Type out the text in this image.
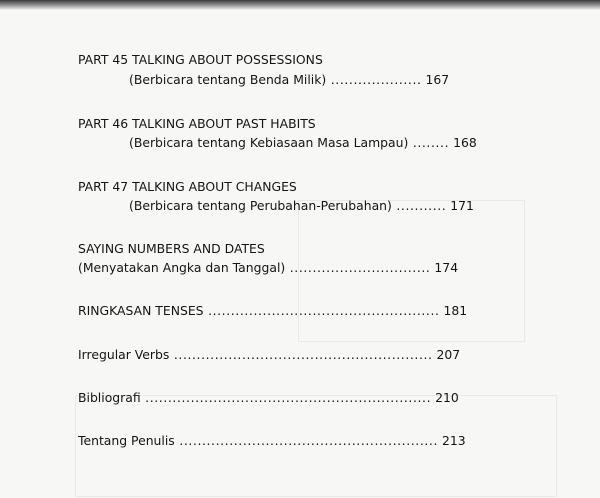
PART 45 TALKING ABOUT POSSESSIONS
(Berbicara tentang Benda Milik) .................... 167
PART 46 TALKING ABOUT PAST HABITS
(Berbicara tentang Kebiasaan Masa Lampau) ........ 168
PART 47 TALKING ABOUT CHANGES
(Berbicara tentang Perubahan-Perubahan) ........... 171
SAYING NUMBERS AND DATES
(Menyatakan Angka dan Tanggal) ............................... 174
RINGKASAN TENSES ................................................... 181
Irregular Verbs ......................................................... 207
Bibliografi ............................................................... 210
Tentang Penulis ......................................................... 213
